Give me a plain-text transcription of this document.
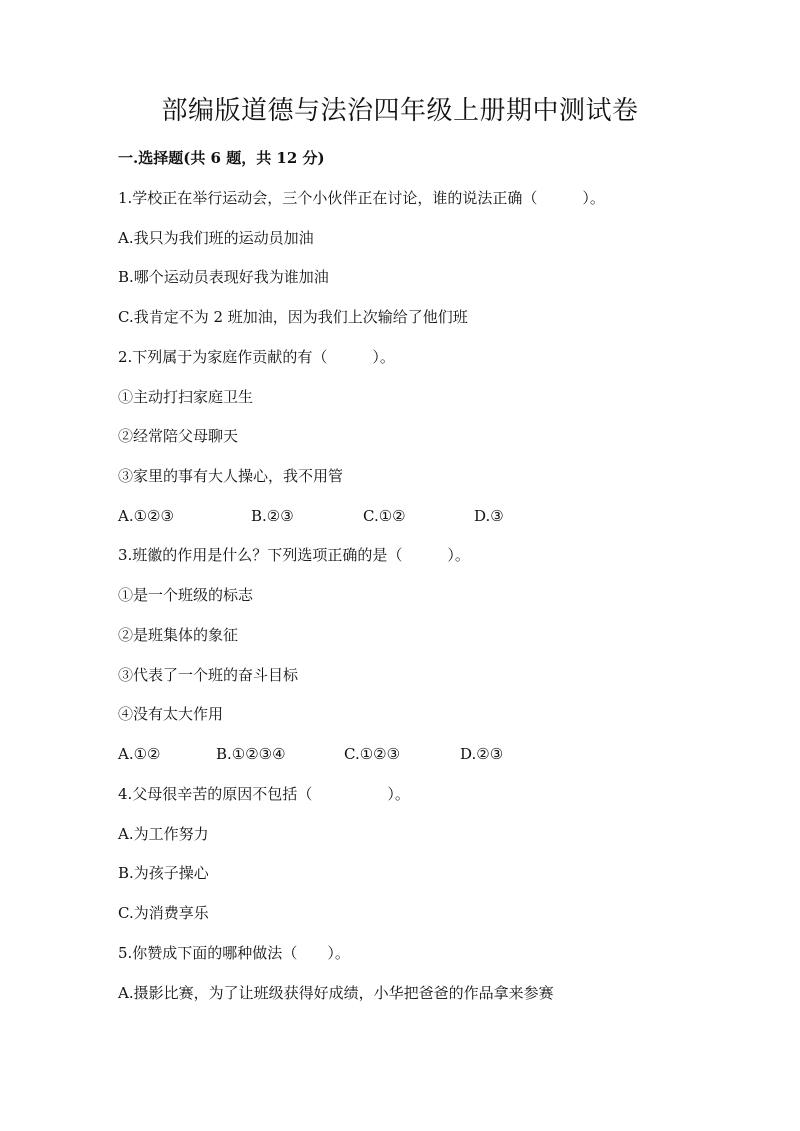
部编版道德与法治四年级上册期中测试卷
一.选择题(共 6 题，共 12 分)
1.学校正在举行运动会，三个小伙伴正在讨论，谁的说法正确（　　　）。
A.我只为我们班的运动员加油
B.哪个运动员表现好我为谁加油
C.我肯定不为 2 班加油，因为我们上次输给了他们班
2.下列属于为家庭作贡献的有（　　　）。
①主动打扫家庭卫生
②经常陪父母聊天
③家里的事有大人操心，我不用管
A.①②③	B.②③	C.①②	D.③
3.班徽的作用是什么？下列选项正确的是（　　　）。
①是一个班级的标志
②是班集体的象征
③代表了一个班的奋斗目标
④没有太大作用
A.①②	B.①②③④	C.①②③	D.②③
4.父母很辛苦的原因不包括（　　　　　）。
A.为工作努力
B.为孩子操心
C.为消费享乐
5.你赞成下面的哪种做法（　　）。
A.摄影比赛，为了让班级获得好成绩，小华把爸爸的作品拿来参赛
